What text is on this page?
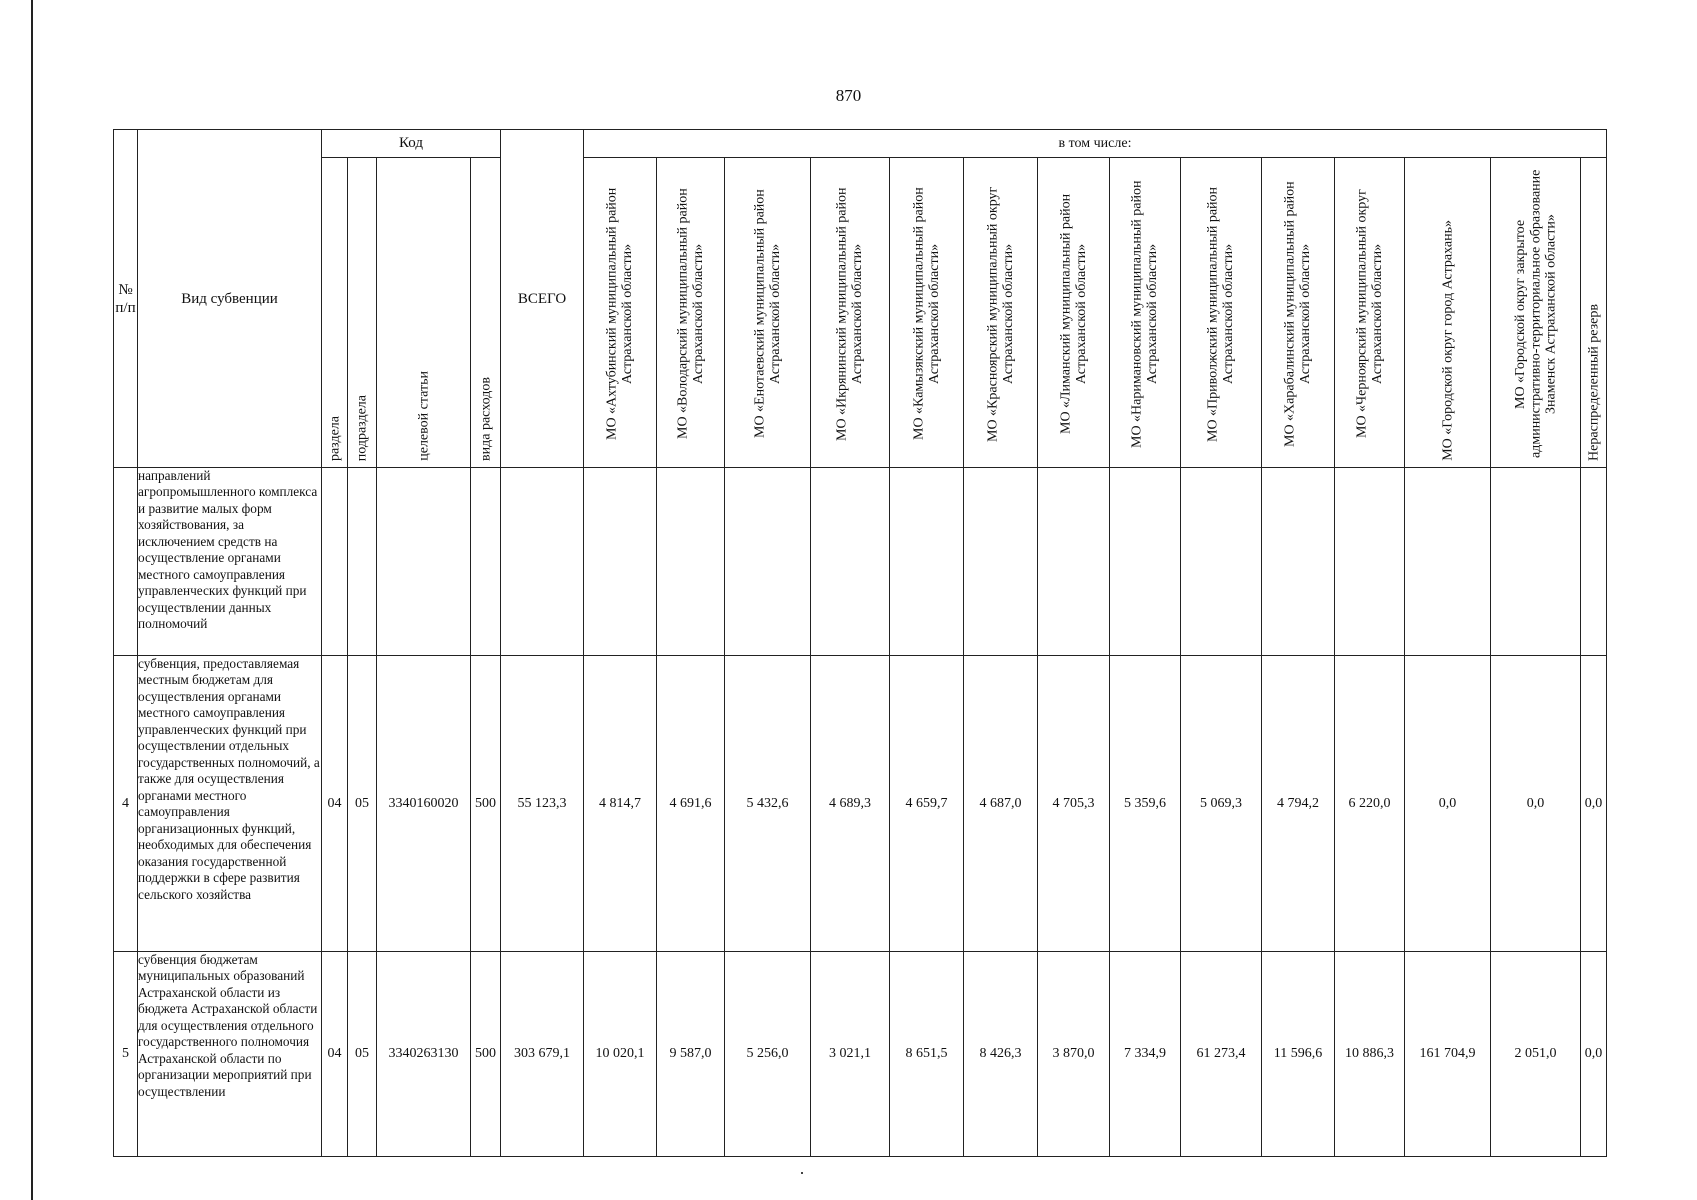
870
№ п/п	Вид субвенции	Код				ВСЕГО	в том числе:													

		раздела	подраздела	целевой статьи	вида расходов		МО «Ахтубинский муниципальный район Астраханской области»	МО «Володарский муниципальный район Астраханской области»	МО «Енотаевский муниципальный район Астраханской области»	МО «Икрянинский муниципальный район Астраханской области»	МО «Камызякский муниципальный район Астраханской области»	МО «Красноярский муниципальный округ Астраханской области»	МО «Лиманский муниципальный район Астраханской области»	МО «Наримановский муниципальный район Астраханской области»	МО «Приволжский муниципальный район Астраханской области»	МО «Харабалинский муниципальный район Астраханской области»	МО «Черноярский муниципальный округ Астраханской области»	МО «Городской округ город Астрахань»	МО «Городской округ закрытое административно-территориальное образование Знаменск Астраханской области»	Нераспределенный резерв

	направлений агропромышленного комплекса и развитие малых форм хозяйствования, за исключением средств на осуществление органами местного самоуправления управленческих функций при осуществлении данных полномочий																			
4	субвенция, предоставляемая местным бюджетам для осуществления органами местного самоуправления управленческих функций при осуществлении отдельных государственных полномочий, а также для осуществления органами местного самоуправления организационных функций, необходимых для обеспечения оказания государственной поддержки в сфере развития сельского хозяйства	04	05	3340160020	500	55 123,3	4 814,7	4 691,6	5 432,6	4 689,3	4 659,7	4 687,0	4 705,3	5 359,6	5 069,3	4 794,2	6 220,0	0,0	0,0	0,0
5	субвенция бюджетам муниципальных образований Астраханской области из бюджета Астраханской области для осуществления отдельного государственного полномочия Астраханской области по организации мероприятий при осуществлении	04	05	3340263130	500	303 679,1	10 020,1	9 587,0	5 256,0	3 021,1	8 651,5	8 426,3	3 870,0	7 334,9	61 273,4	11 596,6	10 886,3	161 704,9	2 051,0	0,0
